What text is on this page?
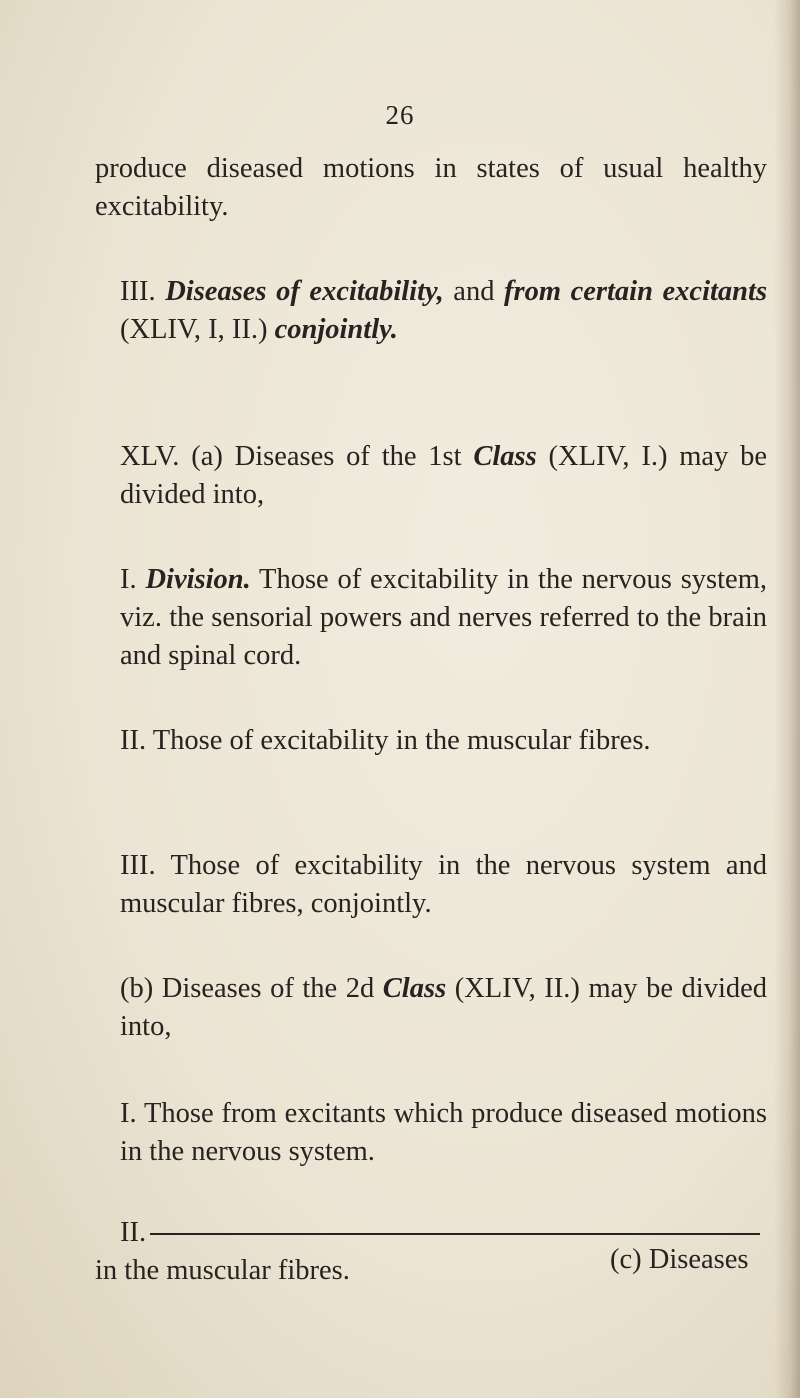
26

produce diseased motions in states of usual healthy excitability.

III. Diseases of excitability, and from certain excitants (XLIV, I, II.) conjointly.

XLV. (a) Diseases of the 1st Class (XLIV, I.) may be divided into,

I. Division. Those of excitability in the nervous system, viz. the sensorial powers and nerves referred to the brain and spinal cord.

II. Those of excitability in the muscular fibres.

III. Those of excitability in the nervous system and muscular fibres, conjointly.

(b) Diseases of the 2d Class (XLIV, II.) may be divided into,

I. Those from excitants which produce diseased motions in the nervous system.

II.

in the muscular fibres.	(c) Diseases
